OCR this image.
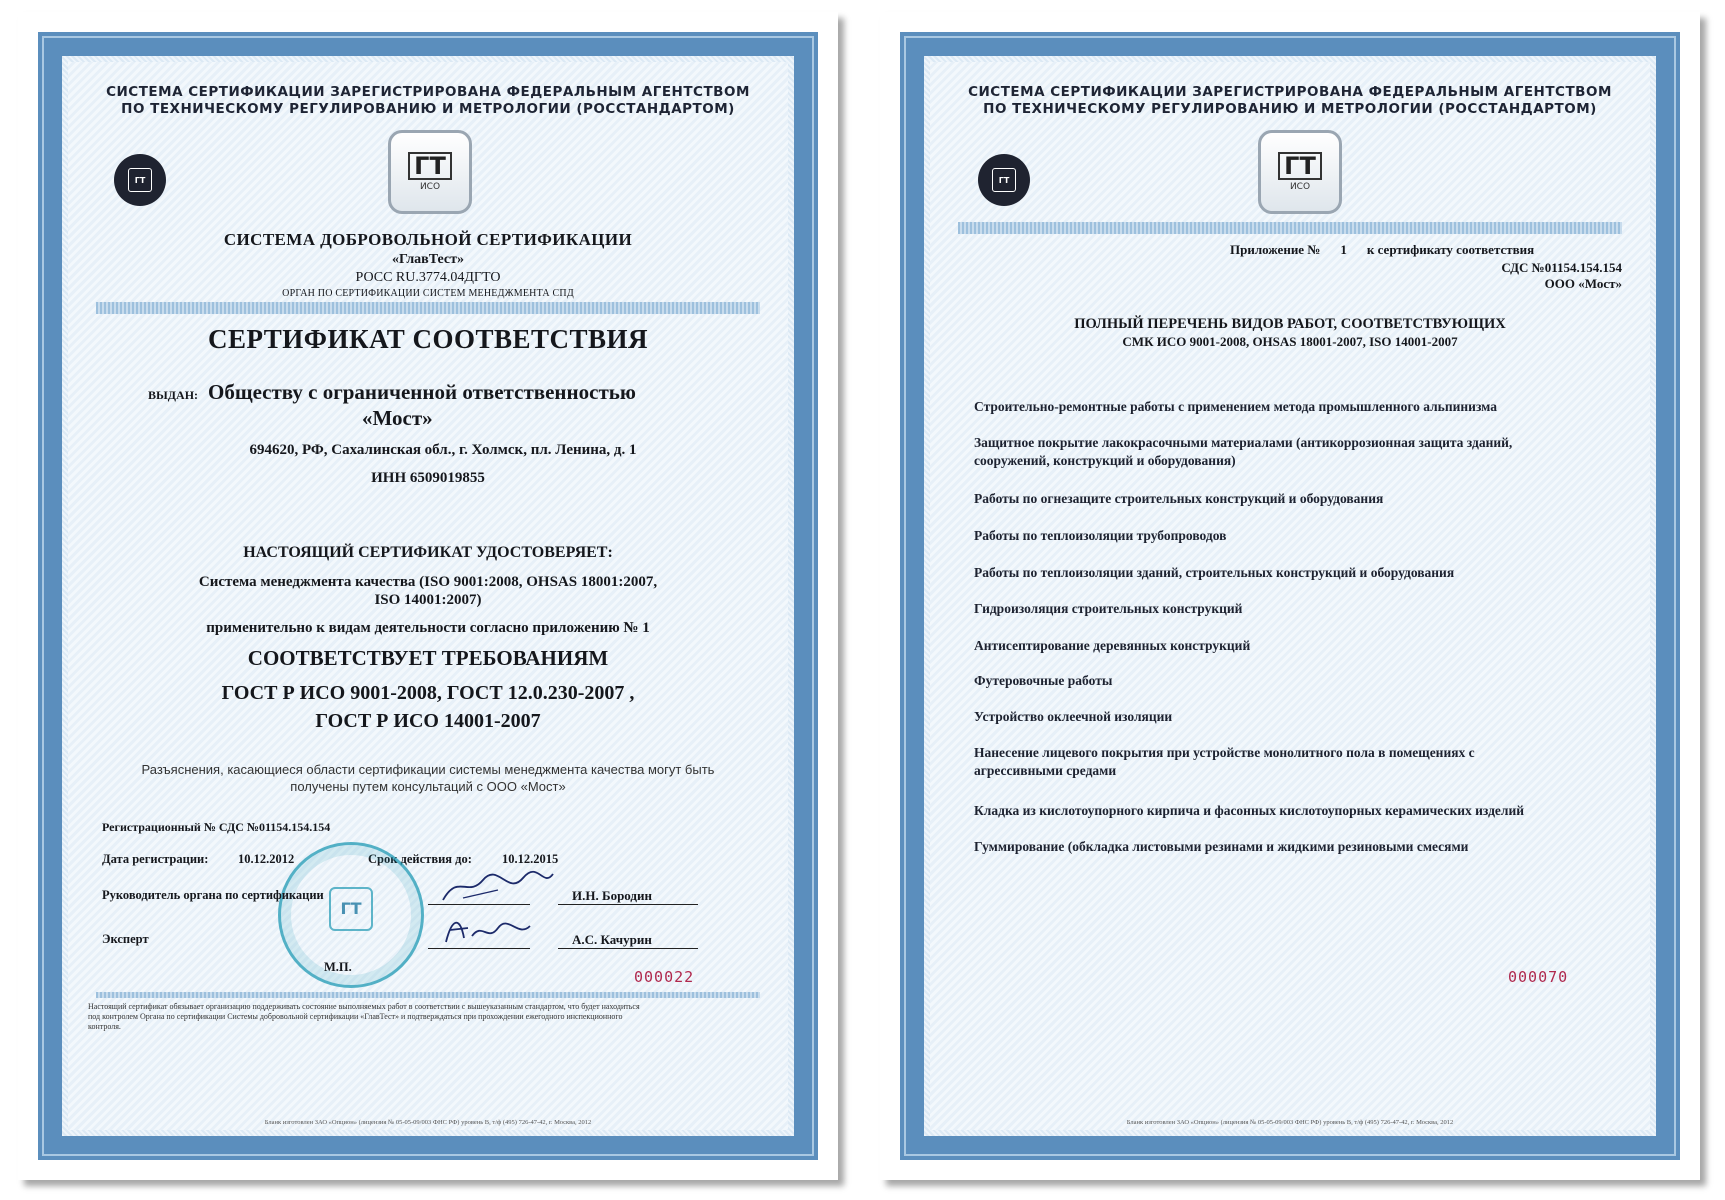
СИСТЕМА СЕРТИФИКАЦИИ ЗАРЕГИСТРИРОВАНА ФЕДЕРАЛЬНЫМ АГЕНТСТВОМ
ПО ТЕХНИЧЕСКОМУ РЕГУЛИРОВАНИЮ И МЕТРОЛОГИИ (РОССТАНДАРТОМ)
ГТ	ГТ
ИСО
СИСТЕМА ДОБРОВОЛЬНОЙ СЕРТИФИКАЦИИ
«ГлавТест»
РОСС RU.3774.04ДГТО
ОРГАН ПО СЕРТИФИКАЦИИ СИСТЕМ МЕНЕДЖМЕНТА СПД
СЕРТИФИКАТ СООТВЕТСТВИЯ
ВЫДАН: Обществу с ограниченной ответственностью
«Мост»
694620, РФ, Сахалинская обл., г. Холмск, пл. Ленина, д. 1
ИНН 6509019855
НАСТОЯЩИЙ СЕРТИФИКАТ УДОСТОВЕРЯЕТ:
Система менеджмента качества (ISO 9001:2008, OHSAS 18001:2007,
ISO 14001:2007)
применительно к видам деятельности согласно приложению № 1
СООТВЕТСТВУЕТ ТРЕБОВАНИЯМ
ГОСТ Р ИСО 9001-2008, ГОСТ 12.0.230-2007 ,
ГОСТ Р ИСО 14001-2007
Разъяснения, касающиеся области сертификации системы менеджмента качества могут быть
получены путем консультаций с ООО «Мост»
Регистрационный № СДС №01154.154.154
Дата регистрации: 10.12.2012	Срок действия до: 10.12.2015
ГТ
Руководитель органа по сертификации	И.Н. Бородин
Эксперт	А.С. Качурин
М.П.
000022
Настоящий сертификат обязывает организацию поддерживать состояние выполняемых работ в соответствии с вышеуказанным стандартом, что будет находиться
под контролем Органа по сертификации Системы добровольной сертификации «ГлавТест» и подтверждаться при прохождении ежегодного инспекционного
контроля.
Бланк изготовлен ЗАО «Опцион» (лицензия № 05-05-09/003 ФНС РФ) уровень В, т/ф (495) 726-47-42, г. Москва, 2012
СИСТЕМА СЕРТИФИКАЦИИ ЗАРЕГИСТРИРОВАНА ФЕДЕРАЛЬНЫМ АГЕНТСТВОМ
ПО ТЕХНИЧЕСКОМУ РЕГУЛИРОВАНИЮ И МЕТРОЛОГИИ (РОССТАНДАРТОМ)
ГТ	ГТ
ИСО
Приложение № 1 к сертификату соответствия
СДС №01154.154.154
ООО «Мост»
ПОЛНЫЙ ПЕРЕЧЕНЬ ВИДОВ РАБОТ, СООТВЕТСТВУЮЩИХ
СМК ИСО 9001-2008, OHSAS 18001-2007, ISO 14001-2007
Строительно-ремонтные работы с применением метода промышленного альпинизма
Защитное покрытие лакокрасочными материалами (антикоррозионная защита зданий, сооружений, конструкций и оборудования)
Работы по огнезащите строительных конструкций и оборудования
Работы по теплоизоляции трубопроводов
Работы по теплоизоляции зданий, строительных конструкций и оборудования
Гидроизоляция строительных конструкций
Антисептирование деревянных конструкций
Футеровочные работы
Устройство оклеечной изоляции
Нанесение лицевого покрытия при устройстве монолитного пола в помещениях с агрессивными средами
Кладка из кислотоупорного кирпича и фасонных кислотоупорных керамических изделий
Гуммирование (обкладка листовыми резинами и жидкими резиновыми смесями
000070
Бланк изготовлен ЗАО «Опцион» (лицензия № 05-05-09/003 ФНС РФ) уровень В, т/ф (495) 726-47-42, г. Москва, 2012
